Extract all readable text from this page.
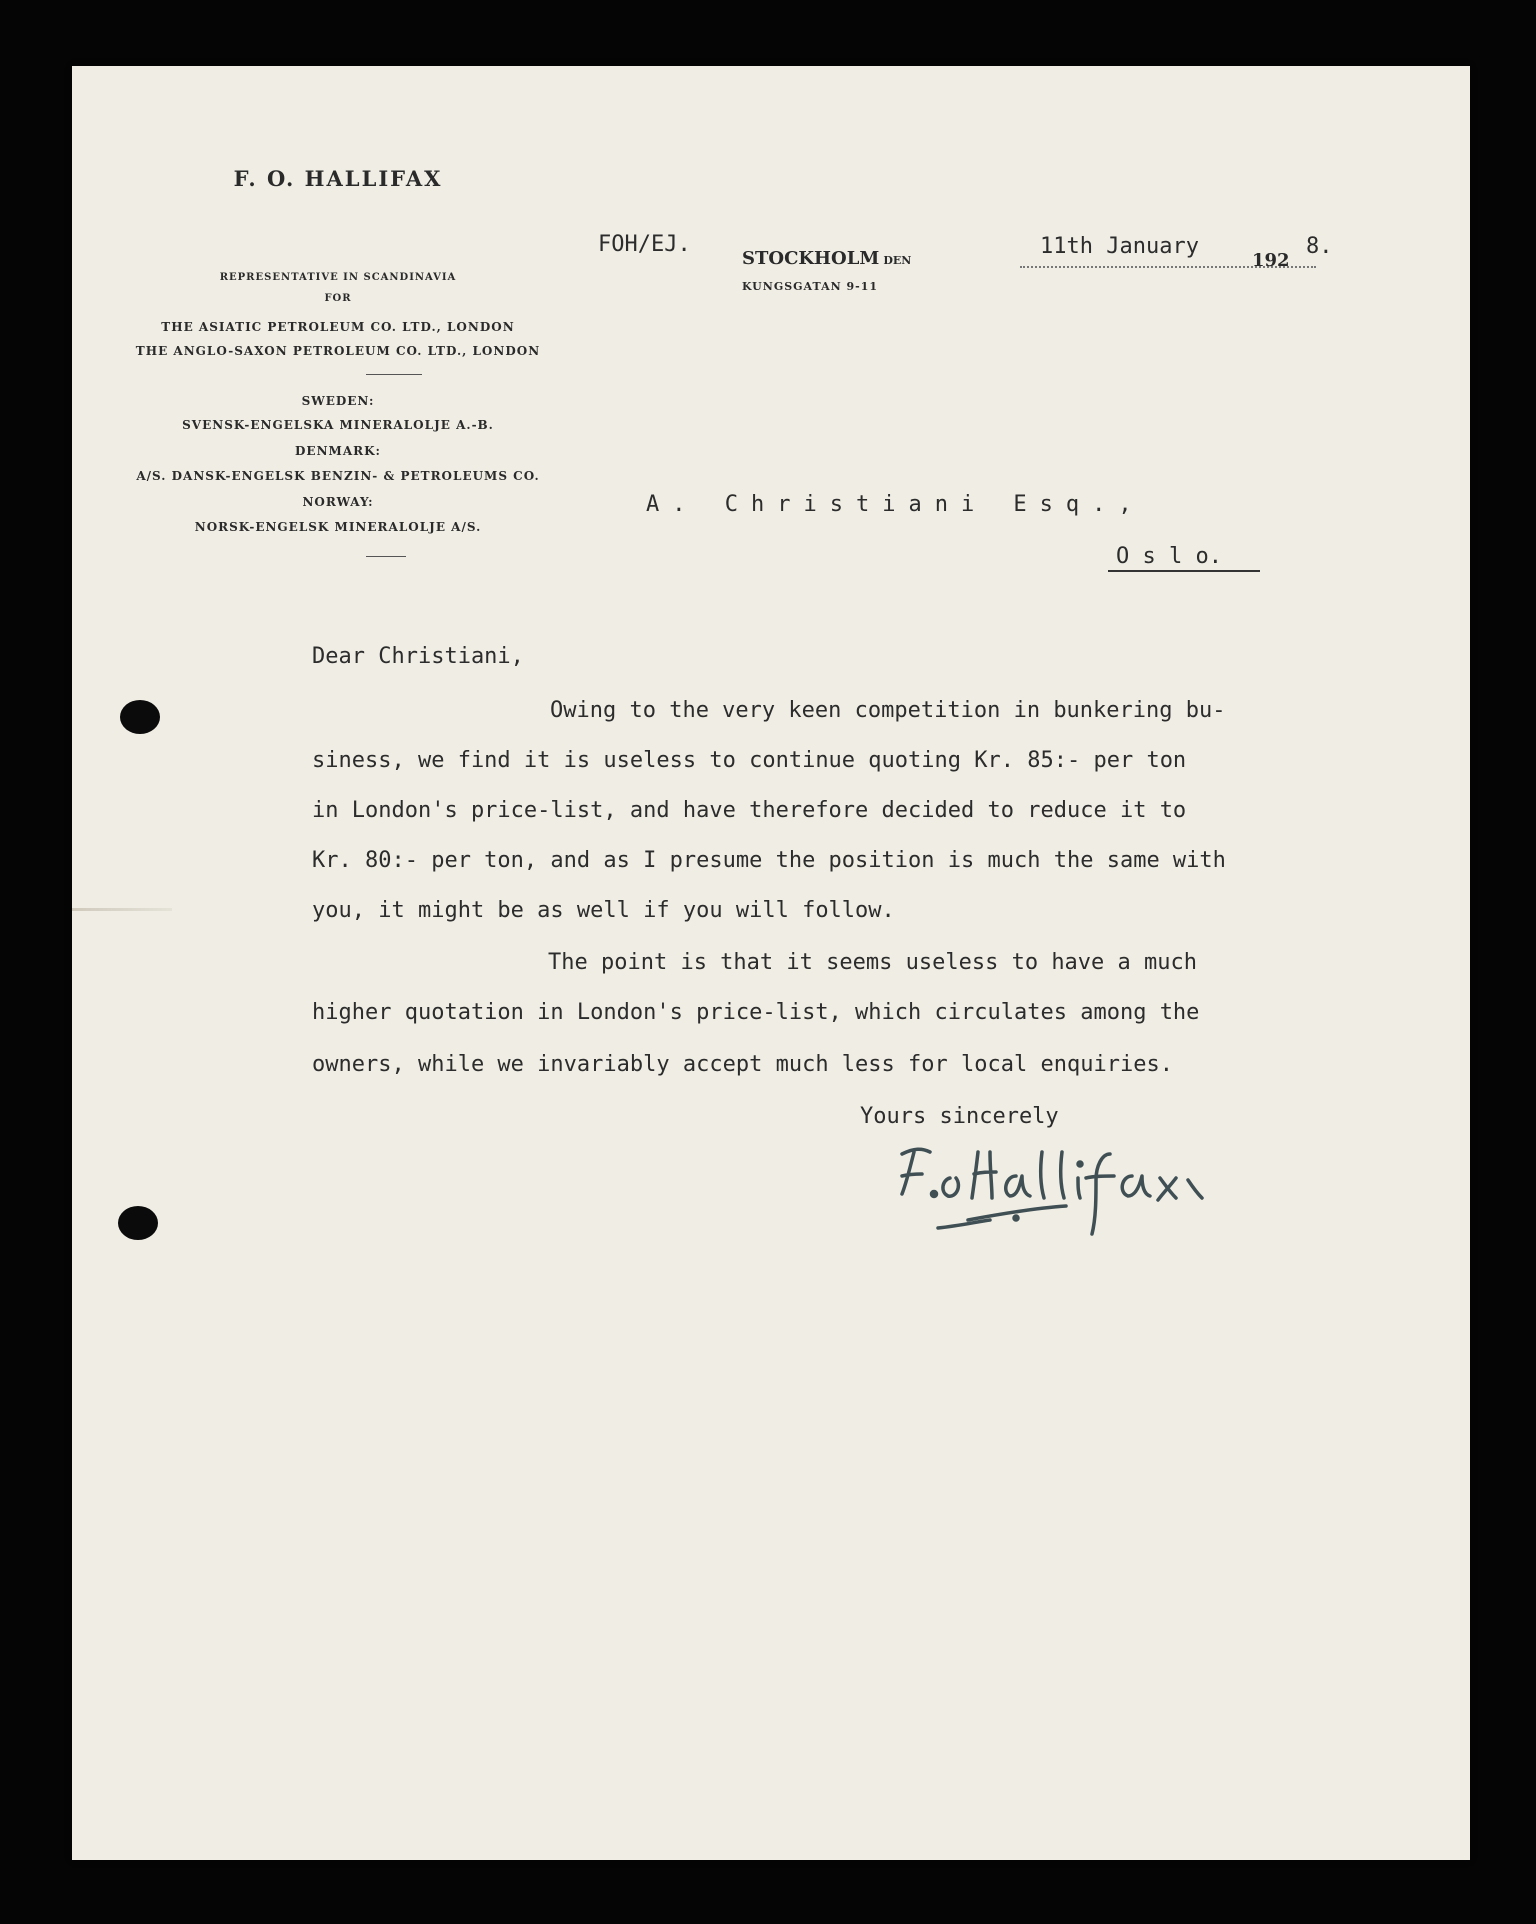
F. O. HALLIFAX
REPRESENTATIVE IN SCANDINAVIA
FOR
THE ASIATIC PETROLEUM CO. LTD., LONDON
THE ANGLO-SAXON PETROLEUM CO. LTD., LONDON
SWEDEN:
SVENSK-ENGELSKA MINERALOLJE A.-B.
DENMARK:
A/S. DANSK-ENGELSK BENZIN- & PETROLEUMS CO.
NORWAY:
NORSK-ENGELSK MINERALOLJE A/S.
FOH/EJ.
STOCKHOLM DEN
KUNGSGATAN 9-11
11th January
192
8.
A. Christiani Esq.,
O s l o.
Dear Christiani,
Owing to the very keen competition in bunkering bu-
siness, we find it is useless to continue quoting Kr. 85:- per ton
in London's price-list, and have therefore decided to reduce it to
Kr. 80:- per ton, and as I presume the position is much the same with
you, it might be as well if you will follow.
The point is that it seems useless to have a much
higher quotation in London's price-list, which circulates among the
owners, while we invariably accept much less for local enquiries.
Yours sincerely
